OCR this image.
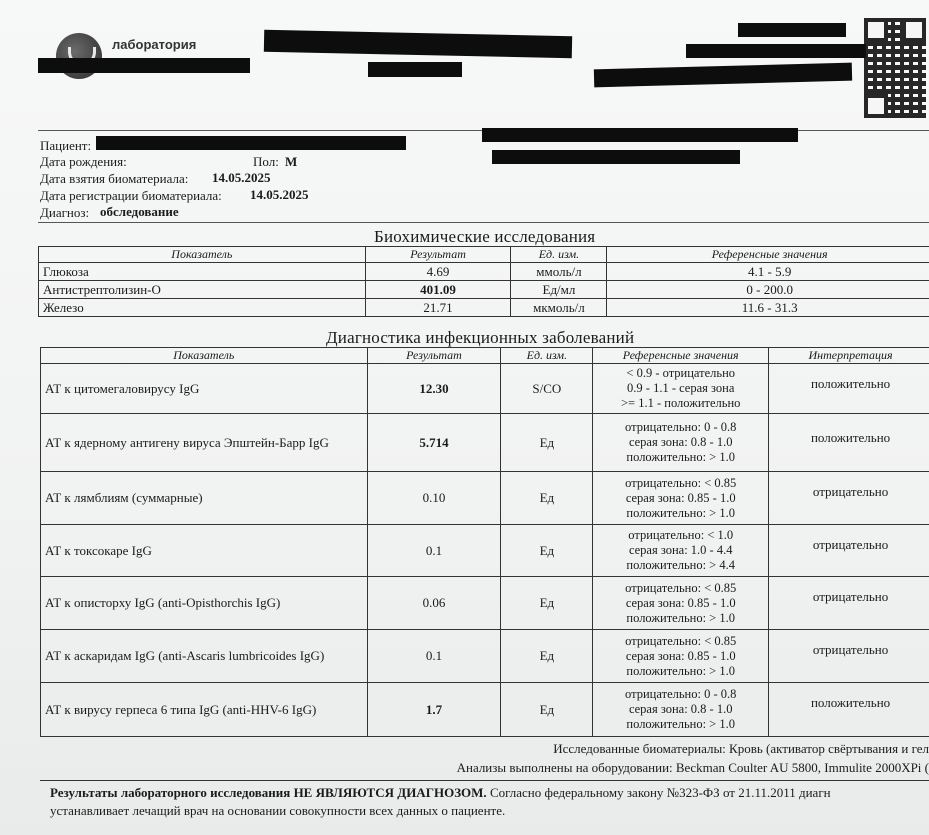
лаборатория
Пациент:
Дата рождения:
	Пол: М
Дата взятия биоматериала: 14.05.2025
Дата регистрации биоматериала: 14.05.2025
Диагноз: обследование
Биохимические исследования
Показатель	Результат	Ед. изм.	Референсные значения
Глюкоза	4.69	ммоль/л	4.1 - 5.9
Антистрептолизин-О	401.09	Ед/мл	0 - 200.0
Железо	21.71	мкмоль/л	11.6 - 31.3
Диагностика инфекционных заболеваний
Показатель	Результат	Ед. изм.	Референсные значения	Интерпретация
АТ к цитомегаловирусу IgG	12.30	S/CO	< 0.9 - отрицательно
0.9 - 1.1 - серая зона
>= 1.1 - положительно	положительно
АТ к ядерному антигену вируса Эпштейн-Барр IgG	5.714	Ед	отрицательно: 0 - 0.8
серая зона: 0.8 - 1.0
положительно: > 1.0	положительно
АТ к лямблиям (суммарные)	0.10	Ед	отрицательно: < 0.85
серая зона: 0.85 - 1.0
положительно: > 1.0	отрицательно
АТ к токсокаре IgG	0.1	Ед	отрицательно: < 1.0
серая зона: 1.0 - 4.4
положительно: > 4.4	отрицательно
АТ к описторху IgG (anti-Opisthorchis IgG)	0.06	Ед	отрицательно: < 0.85
серая зона: 0.85 - 1.0
положительно: > 1.0	отрицательно
АТ к аскаридам IgG (anti-Ascaris lumbricoides IgG)	0.1	Ед	отрицательно: < 0.85
серая зона: 0.85 - 1.0
положительно: > 1.0	отрицательно
АТ к вирусу герпеса 6 типа IgG (anti-HHV-6 IgG)	1.7	Ед	отрицательно: 0 - 0.8
серая зона: 0.8 - 1.0
положительно: > 1.0	положительно
Исследованные биоматериалы: Кровь (активатор свёртывания и гел
Анализы выполнены на оборудовании: Beckman Coulter AU 5800, Immulite 2000XPi (
Результаты лабораторного исследования НЕ ЯВЛЯЮТСЯ ДИАГНОЗОМ. Согласно федеральному закону №323-ФЗ от 21.11.2011 диагн
устанавливает лечащий врач на основании совокупности всех данных о пациенте.
